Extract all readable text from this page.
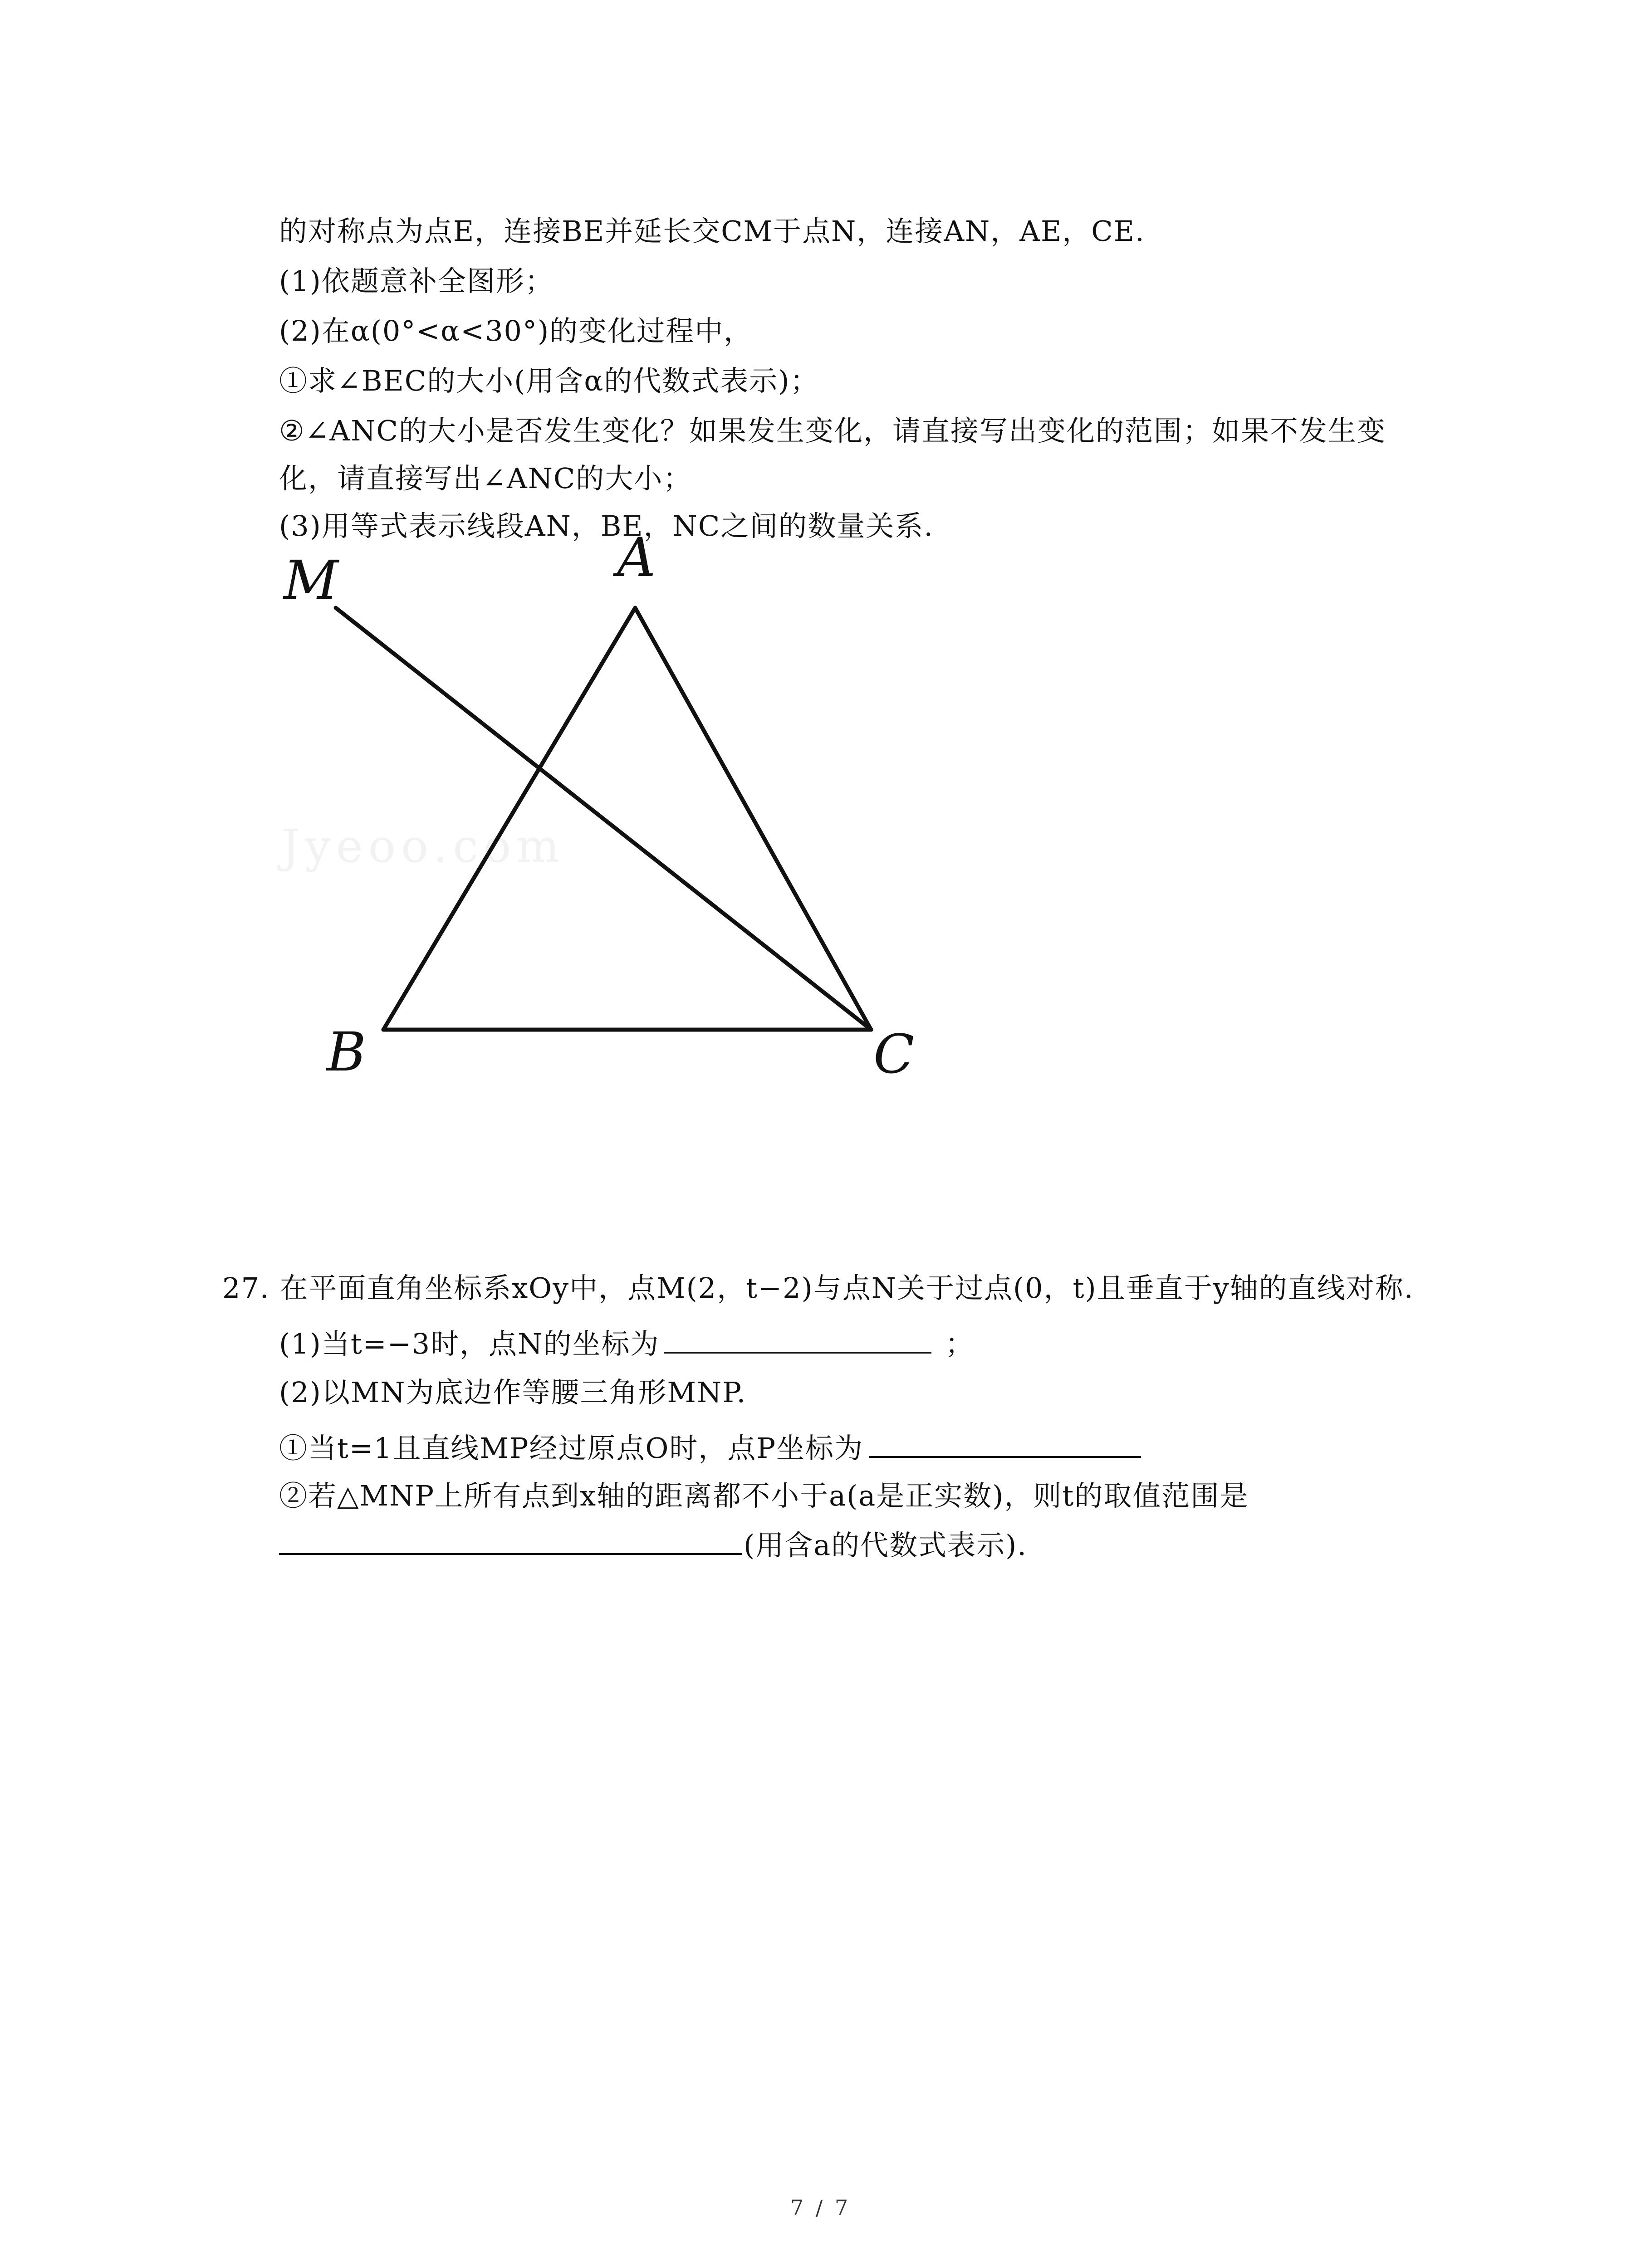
的对称点为点E，连接BE并延长交CM于点N，连接AN，AE，CE.
(1)依题意补全图形；
(2)在α(0°<α<30°)的变化过程中，
①求∠BEC的大小(用含α的代数式表示)；
②∠ANC的大小是否发生变化？如果发生变化，请直接写出变化的范围；如果不发生变
化，请直接写出∠ANC的大小；
(3)用等式表示线段AN，BE，NC之间的数量关系.
Jyeoo.com
M	A
B	C
27. 在平面直角坐标系xOy中，点M(2，t−2)与点N关于过点(0，t)且垂直于y轴的直线对称.
(1)当t=−3时，点N的坐标为	；
(2)以MN为底边作等腰三角形MNP.
①当t=1且直线MP经过原点O时，点P坐标为
②若△MNP上所有点到x轴的距离都不小于a(a是正实数)，则t的取值范围是
(用含a的代数式表示).
7 / 7
